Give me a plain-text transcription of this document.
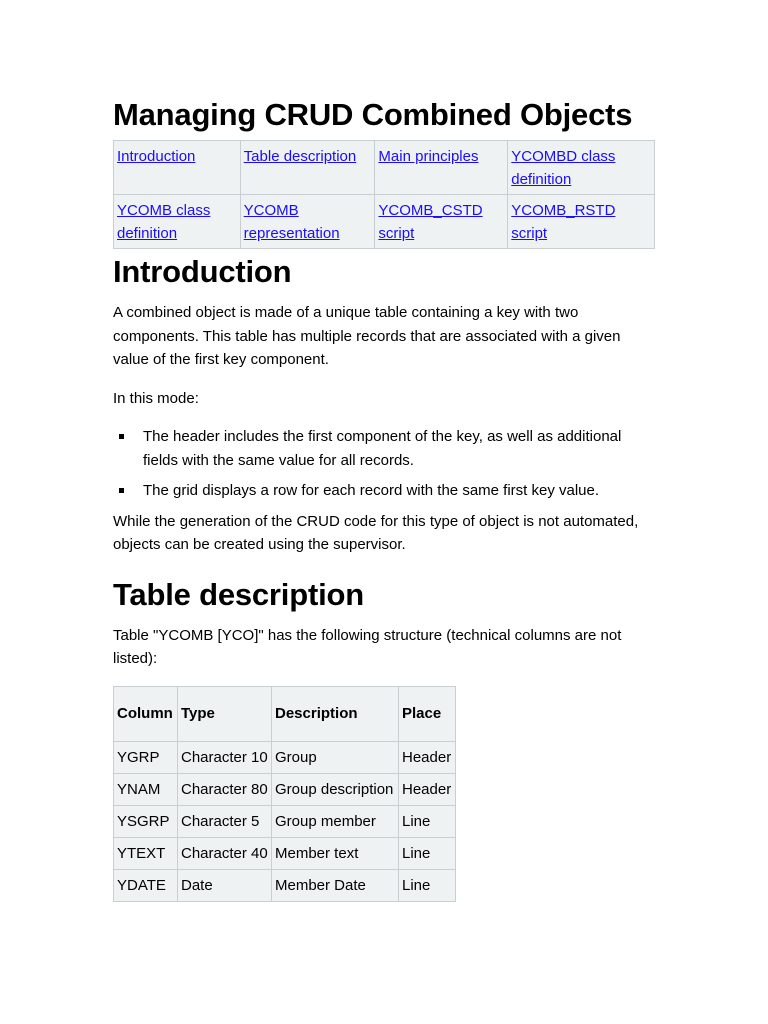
Managing CRUD Combined Objects
Introduction	Table description	Main principles	YCOMBD class definition
YCOMB class definition	YCOMB representation	YCOMB_CSTD script	YCOMB_RSTD script
Introduction

A combined object is made of a unique table containing a key with two components. This table has multiple records that are associated with a given value of the first key component.

In this mode:

The header includes the first component of the key, as well as additional fields with the same value for all records.
The grid displays a row for each record with the same first key value.

While the generation of the CRUD code for this type of object is not automated, objects can be created using the supervisor.

Table description

Table "YCOMB [YCO]" has the following structure (technical columns are not listed):

Column	Type	Description	Place
YGRP	Character 10	Group	Header
YNAM	Character 80	Group description	Header
YSGRP	Character 5	Group member	Line
YTEXT	Character 40	Member text	Line
YDATE	Date	Member Date	Line
